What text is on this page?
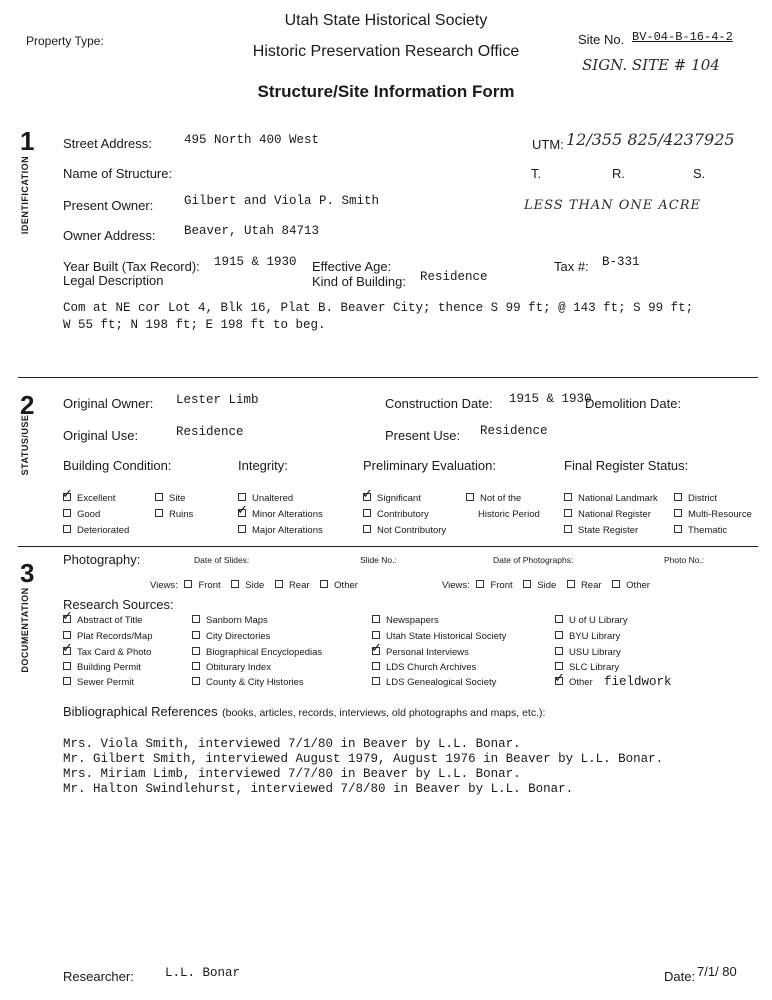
Property Type:
Utah State Historical Society
Historic Preservation Research Office
Structure/Site Information Form
Site No. BV-04-B-16-4-2
SIGN. SITE # 104
1
IDENTIFICATION
Street Address:	495 North 400 West	UTM: 12/355 825/4237925
Name of Structure:	T.	R.	S.
Present Owner: Gilbert and Viola P. Smith	LESS THAN ONE ACRE
Owner Address: Beaver, Utah 84713
Year Built (Tax Record): 1915 & 1930 Effective Age:	Tax #: B-331
Legal Description	Kind of Building: Residence
Com at NE cor Lot 4, Blk 16, Plat B. Beaver City; thence S 99 ft; @ 143 ft; S 99 ft;
W 55 ft; N 198 ft; E 198 ft to beg.
2
STATUS/USE
Original Owner: Lester Limb	Construction Date: 1915 & 1930
Demolition Date:
Original Use:	Residence	Present Use: Residence
Building Condition:	Integrity:	Preliminary Evaluation:	Final Register Status:
✓Excellent
Good
Deteriorated
Site
Ruins
Unaltered
✓Minor Alterations
Major Alterations
✓Significant
Contributory
Not Contributory
Not of the
Historic Period
National Landmark
National Register
State Register
District
Multi-Resource
Thematic
3
DOCUMENTATION
Photography:	Date of Slides:	Slide No.:	Date of Photographs:	Photo No.:
Views: Front	Side	Rear	Other	Views: Front	Side	Rear	Other
Research Sources:
✓Abstract of Title
Plat Records/Map
✓Tax Card & Photo
Building Permit
Sewer Permit
Sanborn Maps
City Directories
Biographical Encyclopedias
Obiturary Index
County & City Histories
Newspapers
Utah State Historical Society
✓Personal Interviews
LDS Church Archives
LDS Genealogical Society
U of U Library
BYU Library
USU Library
SLC Library
✓Other fieldwork
Bibliographical References (books, articles, records, interviews, old photographs and maps, etc.):
Mrs. Viola Smith, interviewed 7/1/80 in Beaver by L.L. Bonar.
Mr. Gilbert Smith, interviewed August 1979, August 1976 in Beaver by L.L. Bonar.
Mrs. Miriam Limb, interviewed 7/7/80 in Beaver by L.L. Bonar.
Mr. Halton Swindlehurst, interviewed 7/8/80 in Beaver by L.L. Bonar.
Researcher: L.L. Bonar	Date: 7/1/ 80
